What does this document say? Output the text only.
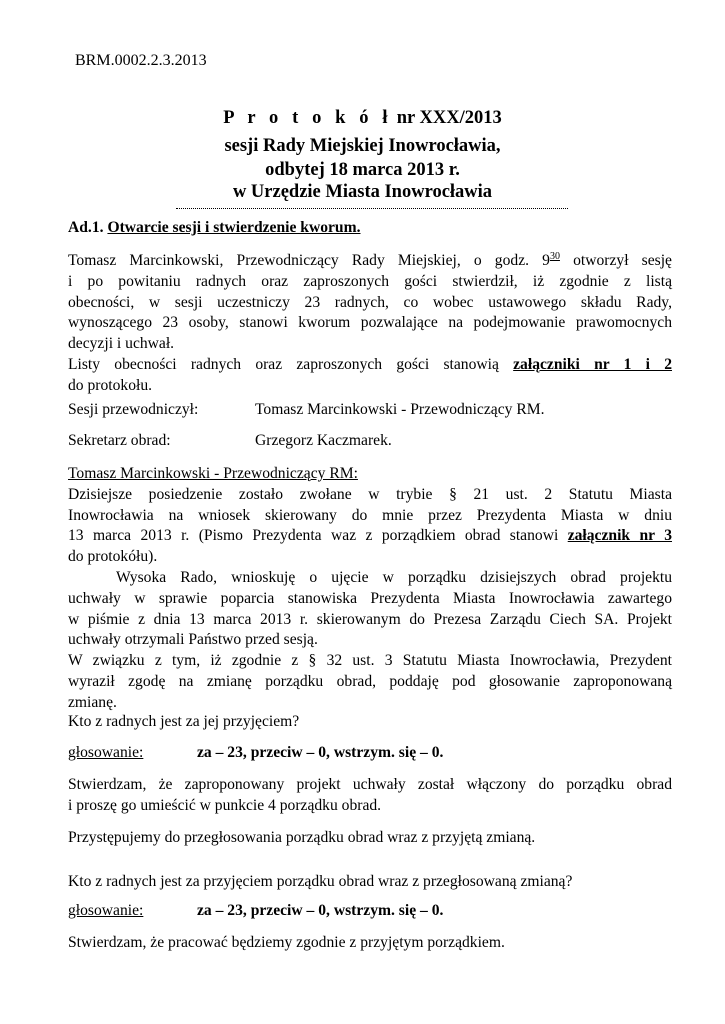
BRM.0002.2.3.2013
P r o t o k ó ł nr XXX/2013
sesji Rady Miejskiej Inowrocławia,
odbytej 18 marca 2013 r.
w Urzędzie Miasta Inowrocławia
Ad.1. Otwarcie sesji i stwierdzenie kworum.
Tomasz Marcinkowski, Przewodniczący Rady Miejskiej, o godz. $9^{30}$ otworzył sesję
i po powitaniu radnych oraz zaproszonych gości stwierdził, iż zgodnie z listą
obecności, w sesji uczestniczy 23 radnych, co wobec ustawowego składu Rady,
wynoszącego 23 osoby, stanowi kworum pozwalające na podejmowanie prawomocnych
decyzji i uchwał.
Listy obecności radnych oraz zaproszonych gości stanowią załączniki nr 1 i 2
do protokołu.
Sesji przewodniczył:	Tomasz Marcinkowski - Przewodniczący RM.
Sekretarz obrad:	Grzegorz Kaczmarek.
Tomasz Marcinkowski - Przewodniczący RM:
Dzisiejsze posiedzenie zostało zwołane w trybie § 21 ust. 2 Statutu Miasta
Inowrocławia na wniosek skierowany do mnie przez Prezydenta Miasta w dniu
13 marca 2013 r. (Pismo Prezydenta waz z porządkiem obrad stanowi załącznik nr 3
do protokółu).
Wysoka Rado, wnioskuję o ujęcie w porządku dzisiejszych obrad projektu
uchwały w sprawie poparcia stanowiska Prezydenta Miasta Inowrocławia zawartego
w piśmie z dnia 13 marca 2013 r. skierowanym do Prezesa Zarządu Ciech SA. Projekt
uchwały otrzymali Państwo przed sesją.
W związku z tym, iż zgodnie z § 32 ust. 3 Statutu Miasta Inowrocławia, Prezydent
wyraził zgodę na zmianę porządku obrad, poddaję pod głosowanie zaproponowaną
zmianę.
Kto z radnych jest za jej przyjęciem?
głosowanie:	za – 23, przeciw – 0, wstrzym. się – 0.
Stwierdzam, że zaproponowany projekt uchwały został włączony do porządku obrad
i proszę go umieścić w punkcie 4 porządku obrad.
Przystępujemy do przegłosowania porządku obrad wraz z przyjętą zmianą.
Kto z radnych jest za przyjęciem porządku obrad wraz z przegłosowaną zmianą?
głosowanie:	za – 23, przeciw – 0, wstrzym. się – 0.
Stwierdzam, że pracować będziemy zgodnie z przyjętym porządkiem.
